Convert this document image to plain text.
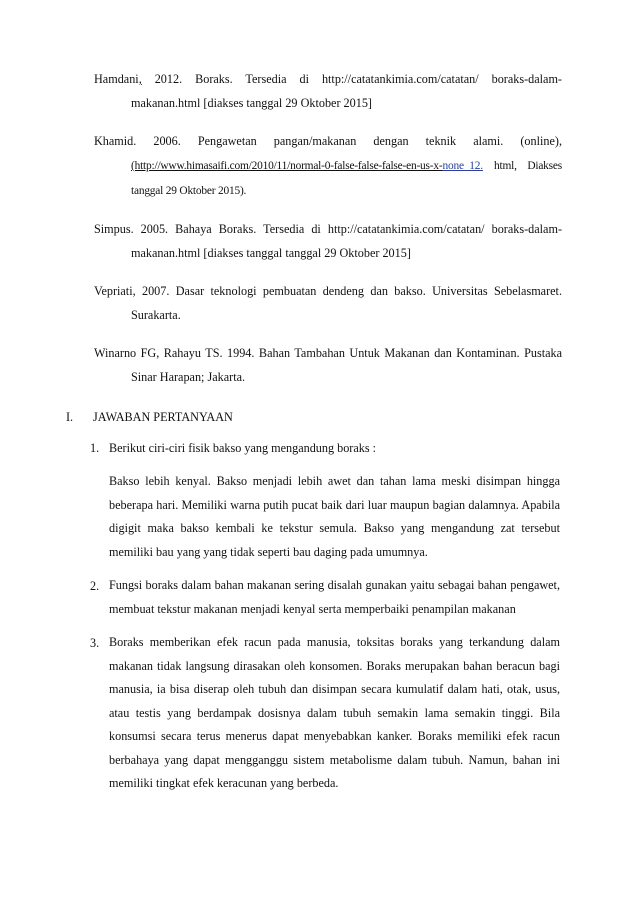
Hamdani, 2012. Boraks. Tersedia di http://catatankimia.com/catatan/ boraks-dalam-makanan.html [diakses tanggal 29 Oktober 2015]

Khamid. 2006. Pengawetan pangan/makanan dengan teknik alami. (online), (http://www.himasaifi.com/2010/11/normal-0-false-false-false-en-us-x-none_12. html, Diakses tanggal 29 Oktober 2015).

Simpus. 2005. Bahaya Boraks. Tersedia di http://catatankimia.com/catatan/ boraks-dalam-makanan.html [diakses tanggal tanggal 29 Oktober 2015]

Vepriati, 2007. Dasar teknologi pembuatan dendeng dan bakso. Universitas Sebelasmaret. Surakarta.

Winarno FG, Rahayu TS. 1994. Bahan Tambahan Untuk Makanan dan Kontaminan. Pustaka Sinar Harapan; Jakarta.

I. JAWABAN PERTANYAAN

1. Berikut ciri-ciri fisik bakso yang mengandung boraks :

Bakso lebih kenyal. Bakso menjadi lebih awet dan tahan lama meski disimpan hingga beberapa hari. Memiliki warna putih pucat baik dari luar maupun bagian dalamnya. Apabila digigit maka bakso kembali ke tekstur semula. Bakso yang mengandung zat tersebut memiliki bau yang yang tidak seperti bau daging pada umumnya.

2. Fungsi boraks dalam bahan makanan sering disalah gunakan yaitu sebagai bahan pengawet, membuat tekstur makanan menjadi kenyal serta memperbaiki penampilan makanan

3. Boraks memberikan efek racun pada manusia, toksitas boraks yang terkandung dalam makanan tidak langsung dirasakan oleh konsomen. Boraks merupakan bahan beracun bagi manusia, ia bisa diserap oleh tubuh dan disimpan secara kumulatif dalam hati, otak, usus, atau testis yang berdampak dosisnya dalam tubuh semakin lama semakin tinggi. Bila konsumsi secara terus menerus dapat menyebabkan kanker. Boraks memiliki efek racun berbahaya yang dapat mengganggu sistem metabolisme dalam tubuh. Namun, bahan ini memiliki tingkat efek keracunan yang berbeda.
